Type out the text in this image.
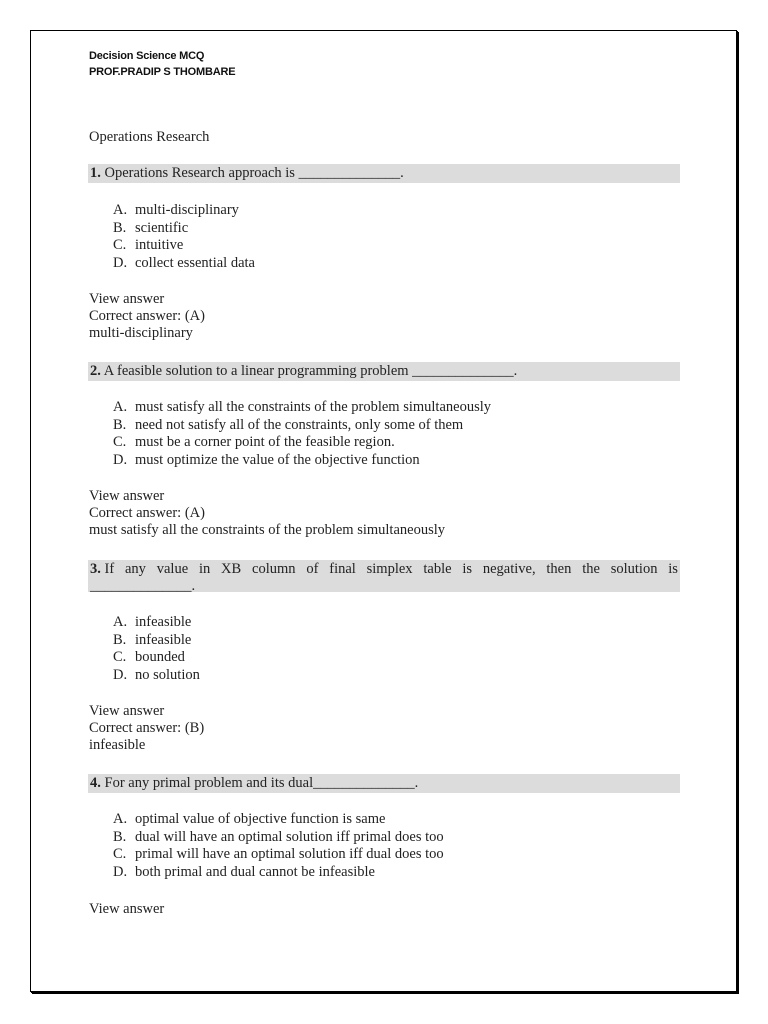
Decision Science MCQ
PROF.PRADIP S THOMBARE
Operations Research
1. Operations Research approach is ______________.
A. multi-disciplinary
B. scientific
C. intuitive
D. collect essential data
View answer
Correct answer: (A)
multi-disciplinary
2. A feasible solution to a linear programming problem ______________.
A. must satisfy all the constraints of the problem simultaneously
B. need not satisfy all of the constraints, only some of them
C. must be a corner point of the feasible region.
D. must optimize the value of the objective function
View answer
Correct answer: (A)
must satisfy all the constraints of the problem simultaneously
3. If any value in XB column of final simplex table is negative, then the solution is
______________.
A. infeasible
B. infeasible
C. bounded
D. no solution
View answer
Correct answer: (B)
infeasible
4. For any primal problem and its dual______________.
A. optimal value of objective function is same
B. dual will have an optimal solution iff primal does too
C. primal will have an optimal solution iff dual does too
D. both primal and dual cannot be infeasible
View answer
